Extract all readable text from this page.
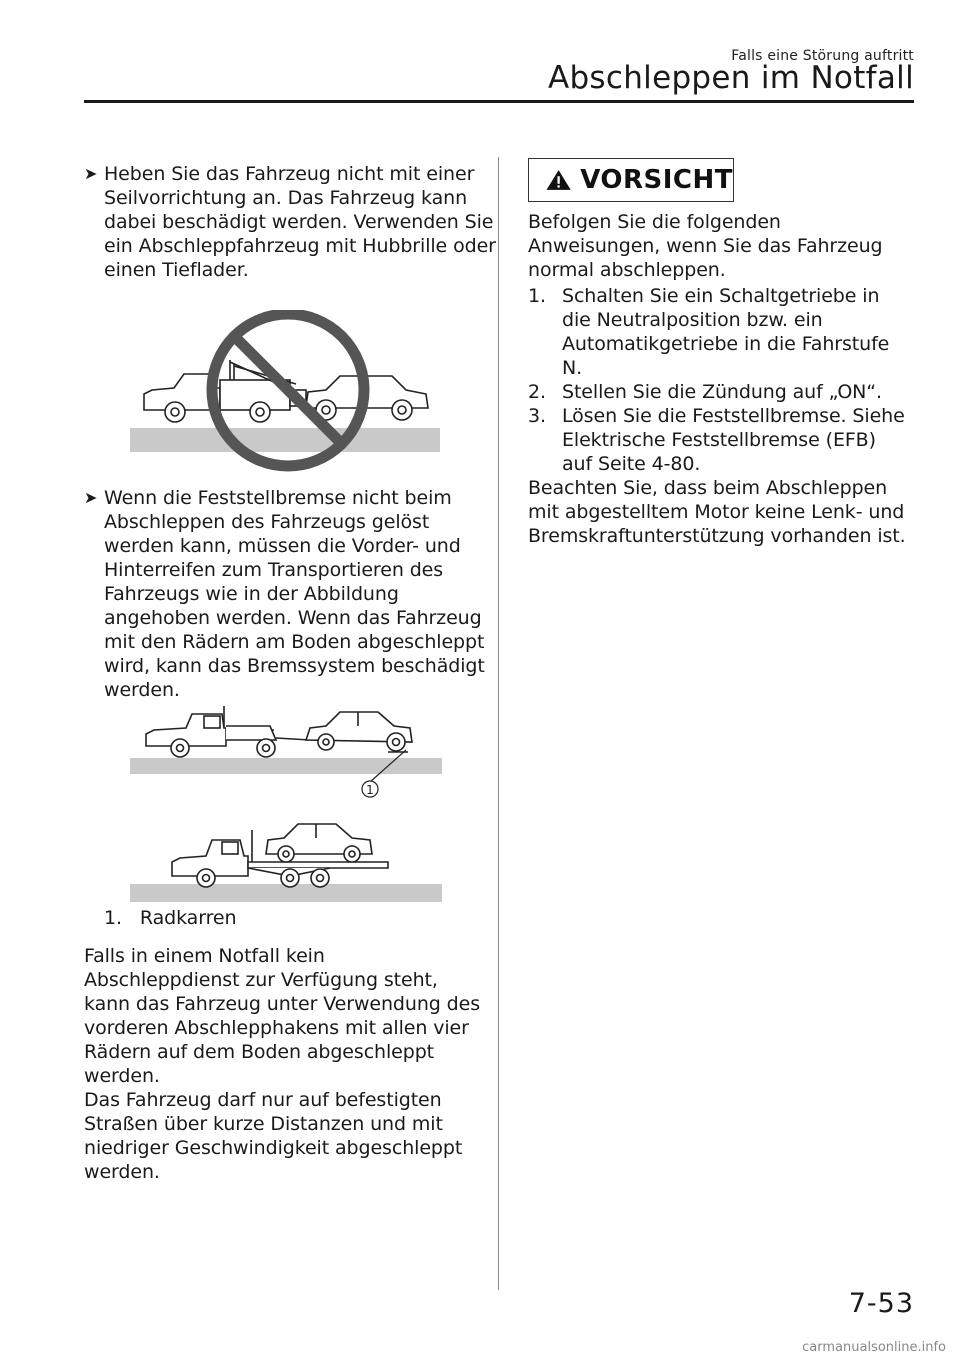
Falls eine Störung auftritt
Abschleppen im Notfall
➤ Heben Sie das Fahrzeug nicht mit einer Seilvorrichtung an. Das Fahrzeug kann dabei beschädigt werden. Verwenden Sie ein Abschleppfahrzeug mit Hubbrille oder einen Tieflader.
➤ Wenn die Feststellbremse nicht beim Abschleppen des Fahrzeugs gelöst werden kann, müssen die Vorder- und Hinterreifen zum Transportieren des Fahrzeugs wie in der Abbildung angehoben werden. Wenn das Fahrzeug mit den Rädern am Boden abgeschleppt wird, kann das Bremssystem beschädigt werden.
1
1. Radkarren
Falls in einem Notfall kein Abschleppdienst zur Verfügung steht, kann das Fahrzeug unter Verwendung des vorderen Abschlepphakens mit allen vier Rädern auf dem Boden abgeschleppt werden.
Das Fahrzeug darf nur auf befestigten Straßen über kurze Distanzen und mit niedriger Geschwindigkeit abgeschleppt werden.
VORSICHT
Befolgen Sie die folgenden Anweisungen, wenn Sie das Fahrzeug normal abschleppen.
1. Schalten Sie ein Schaltgetriebe in die Neutralposition bzw. ein Automatikgetriebe in die Fahrstufe N.
2. Stellen Sie die Zündung auf „ON“.
3. Lösen Sie die Feststellbremse. Siehe Elektrische Feststellbremse (EFB) auf Seite 4-80.
Beachten Sie, dass beim Abschleppen mit abgestelltem Motor keine Lenk- und Bremskraftunterstützung vorhanden ist.
7-53
carmanualsonline.info
